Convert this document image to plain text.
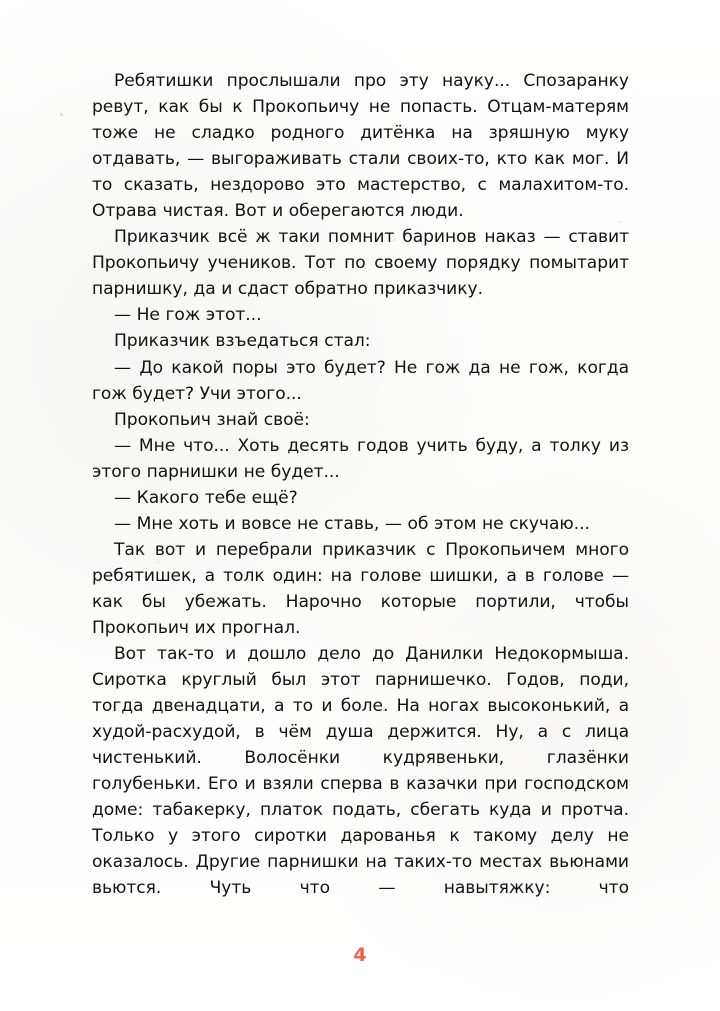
Ребятишки прослышали про эту науку... Спозаранку ревут, как бы к Прокопьичу не попасть. Отцам-матерям тоже не сладко родного дитёнка на зряшную муку отдавать, — выгораживать стали своих-то, кто как мог. И то сказать, нездорово это мастерство, с малахитом-то. Отрава чистая. Вот и оберегаются люди.

Приказчик всё ж таки помнит баринов наказ — ставит Прокопьичу учеников. Тот по своему порядку помытарит парнишку, да и сдаст обратно приказчику.

— Не гож этот...

Приказчик взъедаться стал:

— До какой поры это будет? Не гож да не гож, когда гож будет? Учи этого...

Прокопьич знай своё:

— Мне что... Хоть десять годов учить буду, а толку из этого парнишки не будет...

— Какого тебе ещё?

— Мне хоть и вовсе не ставь, — об этом не скучаю...

Так вот и перебрали приказчик с Прокопьичем много ребятишек, а толк один: на голове шишки, а в голове — как бы убежать. Нарочно которые портили, чтобы Прокопьич их прогнал.

Вот так-то и дошло дело до Данилки Недокормыша. Сиротка круглый был этот парнишечко. Годов, поди, тогда двенадцати, а то и боле. На ногах высоконький, а худой-расхудой, в чём душа держится. Ну, а с лица чистенький. Волосёнки кудрявеньки, глазёнки голубеньки. Его и взяли сперва в казачки при господском доме: табакерку, платок подать, сбегать куда и протча. Только у этого сиротки дарованья к такому делу не оказалось. Другие парнишки на таких-то местах вьюнами вьются. Чуть что — навытяжку: что

4
